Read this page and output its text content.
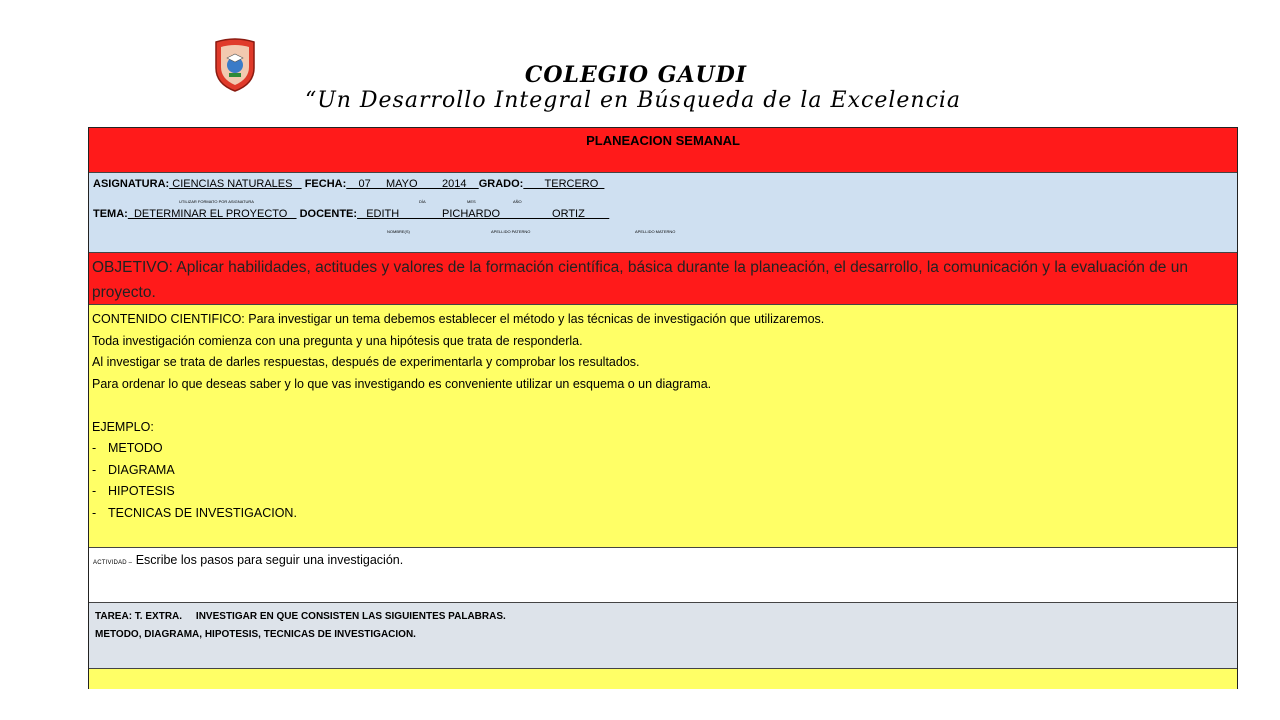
COLEGIO GAUDI
“Un Desarrollo Integral en Búsqueda de la Excelencia
PLANEACION SEMANAL
ASIGNATURA: CIENCIAS NATURALES    FECHA:    07     MAYO        2014    GRADO:       TERCERO
UTILIZAR FORMATO POR ASIGNATURA	DÍA	MES	AÑO
TEMA:  DETERMINAR EL PROYECTO    DOCENTE:   EDITH              PICHARDO                 ORTIZ
NOMBRE(S)	APELLIDO PATERNO	APELLIDO MATERNO
OBJETIVO: Aplicar habilidades, actitudes y valores de la formación científica, básica durante la planeación, el desarrollo, la comunicación y la evaluación de un proyecto.

CONTENIDO CIENTIFICO: Para investigar un tema debemos establecer el método y las técnicas de investigación que utilizaremos.

Toda investigación comienza con una pregunta y una hipótesis que trata de responderla.

Al investigar se trata de darles respuestas, después de experimentarla y comprobar los resultados.

Para ordenar lo que deseas saber y lo que vas investigando es conveniente utilizar un esquema o un diagrama.

EJEMPLO:

- METODO
- DIAGRAMA
- HIPOTESIS
- TECNICAS DE INVESTIGACION.
ACTIVIDAD – Escribe los pasos para seguir una investigación.
TAREA: T. EXTRA.     INVESTIGAR EN QUE CONSISTEN LAS SIGUIENTES PALABRAS.
METODO, DIAGRAMA, HIPOTESIS, TECNICAS DE INVESTIGACION.
